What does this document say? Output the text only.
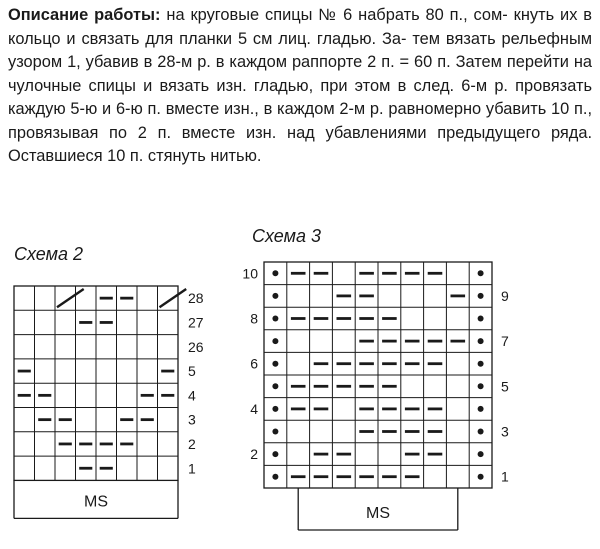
Описание работы: на круговые спицы № 6 набрать 80 п., сом- кнуть их в кольцо и связать для планки 5 см лиц. гладью. За- тем вязать рельефным узором 1, убавив в 28-м р. в каждом раппорте 2 п. = 60 п. Затем перейти на чулочные спицы и вязать изн. гладью, при этом в след. 6-м р. провязать каждую 5-ю и 6-ю п. вместе изн., в каждом 2-м р. равномерно убавить 10 п., провязывая по 2 п. вместе изн. над убавлениями предыдущего ряда. Оставшиеся 10 п. стянуть нитью.

Схема 2
Схема 3
28
27
26
5
4
3
2
1
10
8
6
4
2
9
7
5
3
1
MS
MS
